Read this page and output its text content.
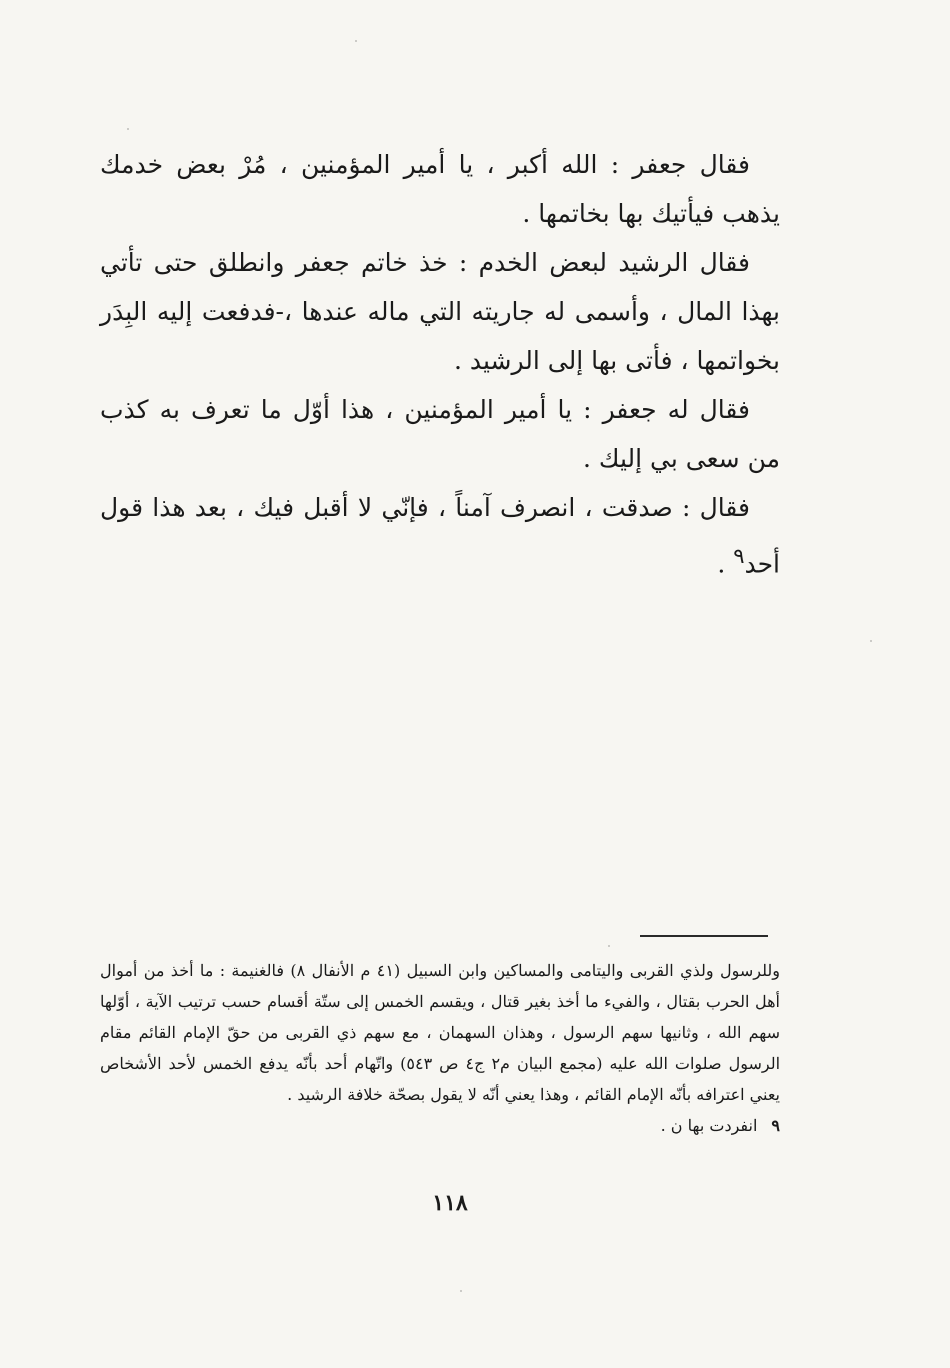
فقال جعفر : الله أكبر ، يا أمير المؤمنين ، مُرْ بعض خدمك يذهب فيأتيك بها بخاتمها .

فقال الرشيد لبعض الخدم : خذ خاتم جعفر وانطلق حتى تأتي بهذا المال ، وأسمى له جاريته التي ماله عندها ،-فدفعت إليه البِدَر بخواتمها ، فأتى بها إلى الرشيد .

فقال له جعفر : يا أمير المؤمنين ، هذا أوّل ما تعرف به كذب من سعى بي إليك .

فقال : صدقت ، انصرف آمناً ، فإنّي لا أقبل فيك ، بعد هذا قول أحد$^٩$ .

وللرسول ولذي القربى واليتامى والمساكين وابن السبيل (٤١ م الأنفال ٨) فالغنيمة : ما أخذ من أموال أهل الحرب بقتال ، والفيء ما أخذ بغير قتال ، ويقسم الخمس إلى ستّة أقسام حسب ترتيب الآية ، أوّلها سهم الله ، وثانيها سهم الرسول ، وهذان السهمان ، مع سهم ذي القربى من حقّ الإمام القائم مقام الرسول صلوات الله عليه (مجمع البيان م٢ ج٤ ص ٥٤٣) واتّهام أحد بأنّه يدفع الخمس لأحد الأشخاص يعني اعترافه بأنّه الإمام القائم ، وهذا يعني أنّه لا يقول بصحّة خلافة الرشيد .

٩انفردت بها ن .

١١٨
